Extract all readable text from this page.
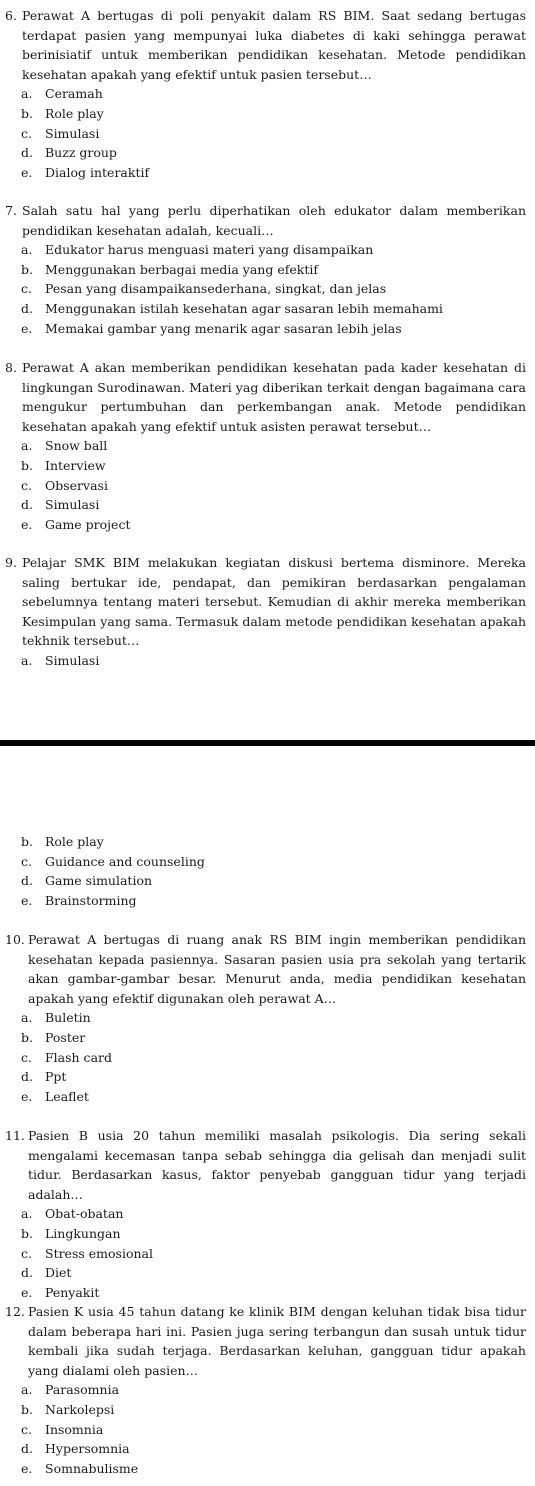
6. Perawat A bertugas di poli penyakit dalam RS BIM. Saat sedang bertugas terdapat pasien yang mempunyai luka diabetes di kaki sehingga perawat berinisiatif untuk memberikan pendidikan kesehatan. Metode pendidikan kesehatan apakah yang efektif untuk pasien tersebut…
a.	Ceramah
b. Role play
c.	Simulasi
d. Buzz group
e.	Dialog interaktif
7. Salah satu hal yang perlu diperhatikan oleh edukator dalam memberikan pendidikan kesehatan adalah, kecuali…
a.	Edukator harus menguasi materi yang disampaikan
b. Menggunakan berbagai media yang efektif
c.	Pesan yang disampaikansederhana, singkat, dan jelas
d. Menggunakan istilah kesehatan agar sasaran lebih memahami
e.	Memakai gambar yang menarik agar sasaran lebih jelas
8. Perawat A akan memberikan pendidikan kesehatan pada kader kesehatan di lingkungan Surodinawan. Materi yag diberikan terkait dengan bagaimana cara mengukur pertumbuhan dan perkembangan anak. Metode pendidikan kesehatan apakah yang efektif untuk asisten perawat tersebut…
a.	Snow ball
b. Interview
c.	Observasi
d. Simulasi
e.	Game project
9. Pelajar SMK BIM melakukan kegiatan diskusi bertema disminore. Mereka saling bertukar ide, pendapat, dan pemikiran berdasarkan pengalaman sebelumnya tentang materi tersebut. Kemudian di akhir mereka memberikan Kesimpulan yang sama. Termasuk dalam metode pendidikan kesehatan apakah tekhnik tersebut…
a.	Simulasi
b. Role play
c.	Guidance and counseling
d. Game simulation
e.	Brainstorming
10. Perawat A bertugas di ruang anak RS BIM ingin memberikan pendidikan kesehatan kepada pasiennya. Sasaran pasien usia pra sekolah yang tertarik akan gambar-gambar besar. Menurut anda, media pendidikan kesehatan apakah yang efektif digunakan oleh perawat A…
a.	Buletin
b. Poster
c.	Flash card
d. Ppt
e.	Leaflet
11. Pasien B usia 20 tahun memiliki masalah psikologis. Dia sering sekali mengalami kecemasan tanpa sebab sehingga dia gelisah dan menjadi sulit tidur. Berdasarkan kasus, faktor penyebab gangguan tidur yang terjadi adalah…
a.	Obat-obatan
b. Lingkungan
c.	Stress emosional
d. Diet
e.	Penyakit
12. Pasien K usia 45 tahun datang ke klinik BIM dengan keluhan tidak bisa tidur dalam beberapa hari ini. Pasien juga sering terbangun dan susah untuk tidur kembali jika sudah terjaga. Berdasarkan keluhan, gangguan tidur apakah yang dialami oleh pasien…
a.	Parasomnia
b. Narkolepsi
c.	Insomnia
d. Hypersomnia
e.	Somnabulisme
